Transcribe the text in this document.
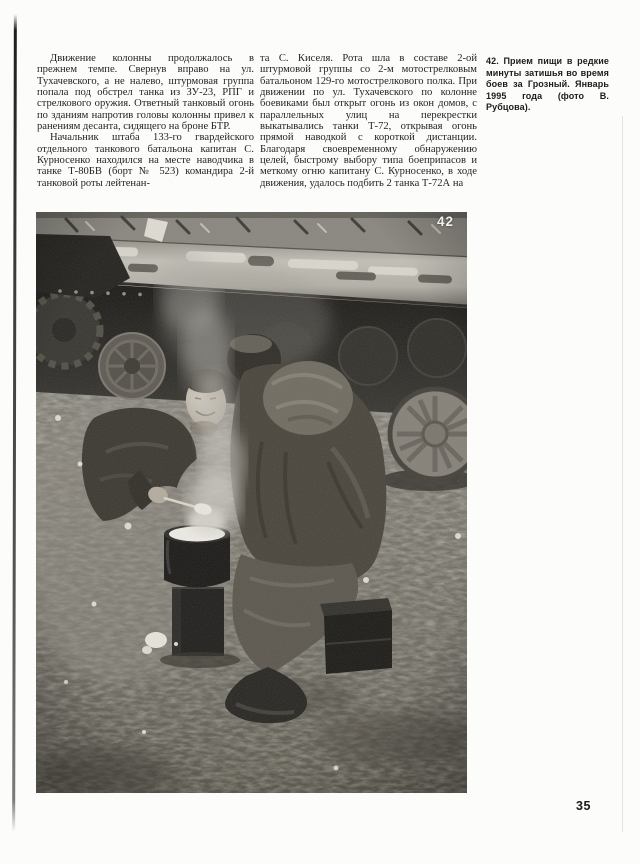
Движение колонны продолжалось в прежнем темпе. Свернув вправо на ул. Тухачевского, а не налево, штурмовая группа попала под обстрел танка из ЗУ-23, РПГ и стрелкового оружия. Ответный танковый огонь по зданиям напротив головы колонны привел к ранениям десанта, сидящего на броне БТР.

Начальник штаба 133-го гвардейского отдельного танкового батальона капитан С. Курносенко находился на месте наводчика в танке Т-80БВ (борт № 523) командира 2-й танковой роты лейтенан-

та С. Киселя. Рота шла в составе 2-ой штурмовой группы со 2-м мотострелковым батальоном 129-го мотострелкового полка. При движении по ул. Тухачевского по колонне боевиками был открыт огонь из окон домов, с параллельных улиц на перекрестки выкатывались танки Т-72, открывая огонь прямой наводкой с короткой дистанции. Благодаря своевременному обнаружению целей, быстрому выбору типа боеприпасов и меткому огню капитану С. Курносенко, в ходе движения, удалось подбить 2 танка Т-72А на

42. Прием пищи в редкие минуты затишья во время боев за Грозный. Январь 1995 года (фото В. Рубцова).
42
35
